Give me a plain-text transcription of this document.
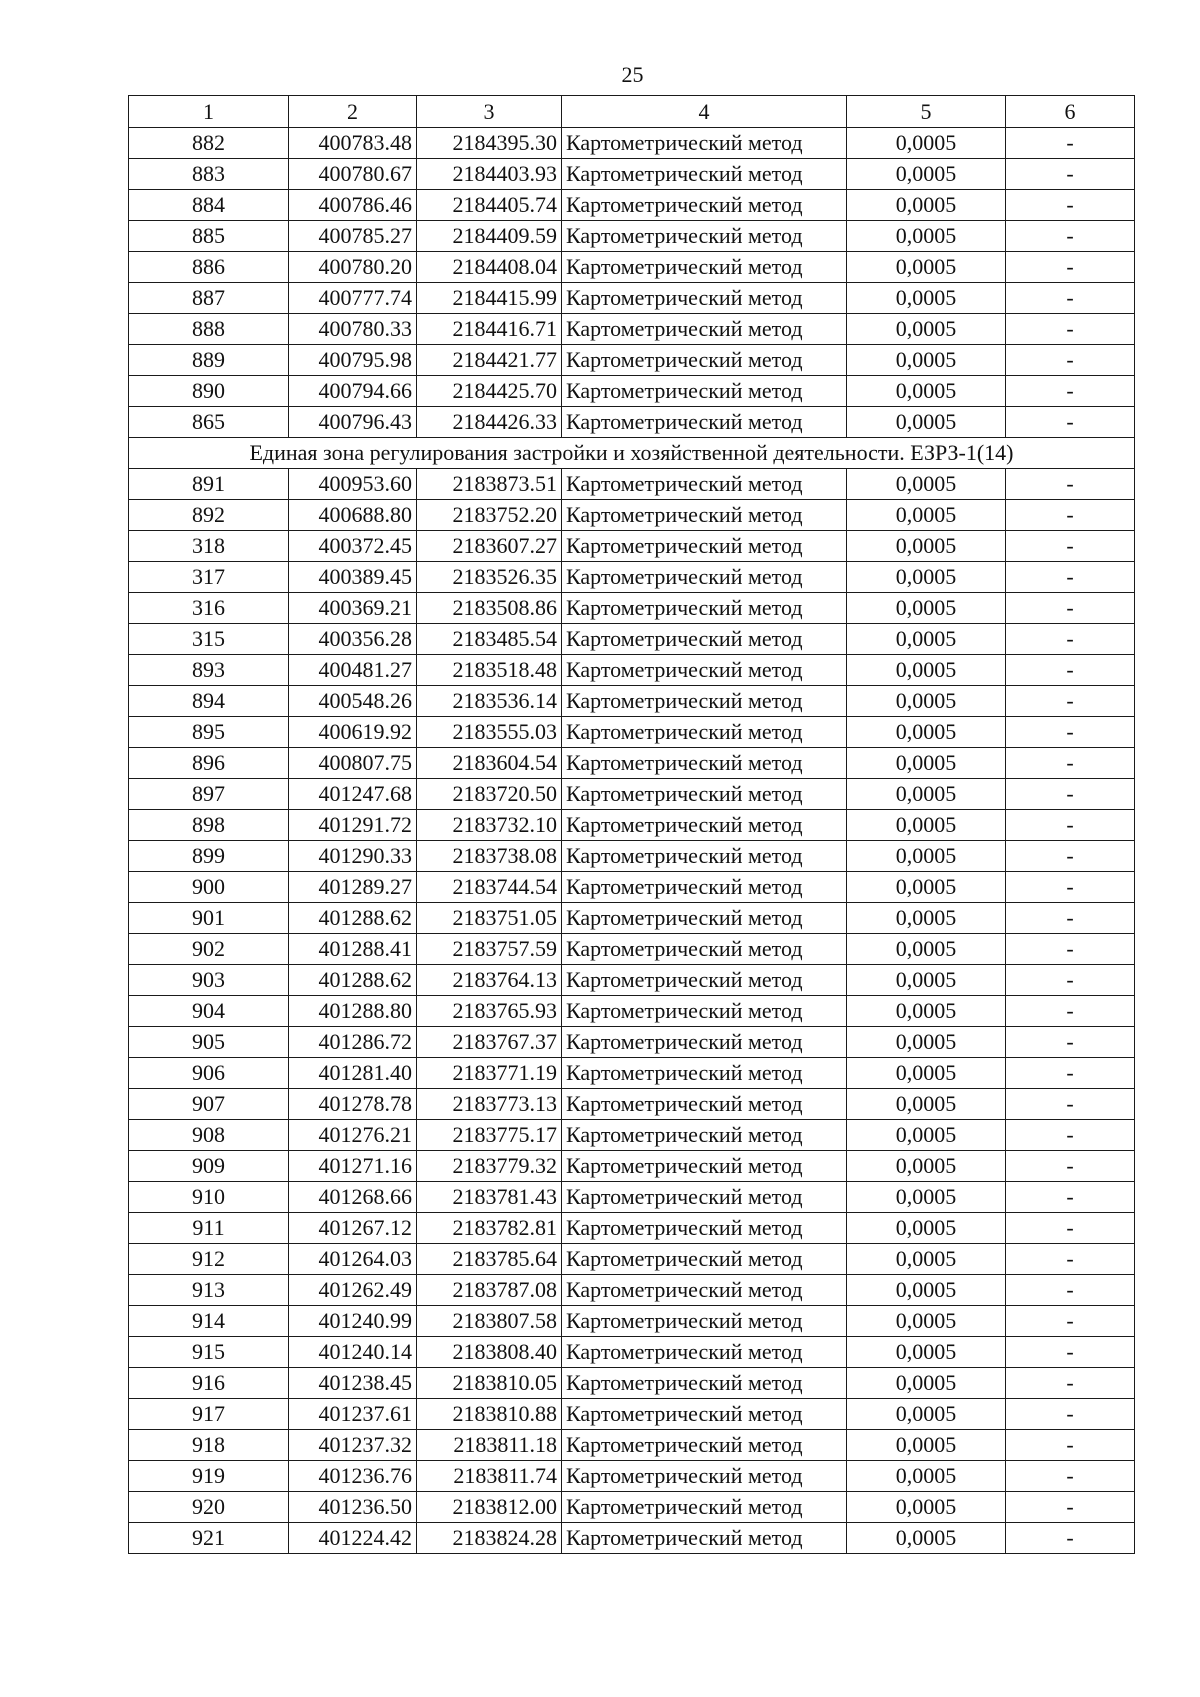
25
1	2	3	4	5	6
882	400783.48	2184395.30	Картометрический метод	0,0005	-
883	400780.67	2184403.93	Картометрический метод	0,0005	-
884	400786.46	2184405.74	Картометрический метод	0,0005	-
885	400785.27	2184409.59	Картометрический метод	0,0005	-
886	400780.20	2184408.04	Картометрический метод	0,0005	-
887	400777.74	2184415.99	Картометрический метод	0,0005	-
888	400780.33	2184416.71	Картометрический метод	0,0005	-
889	400795.98	2184421.77	Картометрический метод	0,0005	-
890	400794.66	2184425.70	Картометрический метод	0,0005	-
865	400796.43	2184426.33	Картометрический метод	0,0005	-
Единая зона регулирования застройки и хозяйственной деятельности. ЕЗРЗ-1(14)					
891	400953.60	2183873.51	Картометрический метод	0,0005	-
892	400688.80	2183752.20	Картометрический метод	0,0005	-
318	400372.45	2183607.27	Картометрический метод	0,0005	-
317	400389.45	2183526.35	Картометрический метод	0,0005	-
316	400369.21	2183508.86	Картометрический метод	0,0005	-
315	400356.28	2183485.54	Картометрический метод	0,0005	-
893	400481.27	2183518.48	Картометрический метод	0,0005	-
894	400548.26	2183536.14	Картометрический метод	0,0005	-
895	400619.92	2183555.03	Картометрический метод	0,0005	-
896	400807.75	2183604.54	Картометрический метод	0,0005	-
897	401247.68	2183720.50	Картометрический метод	0,0005	-
898	401291.72	2183732.10	Картометрический метод	0,0005	-
899	401290.33	2183738.08	Картометрический метод	0,0005	-
900	401289.27	2183744.54	Картометрический метод	0,0005	-
901	401288.62	2183751.05	Картометрический метод	0,0005	-
902	401288.41	2183757.59	Картометрический метод	0,0005	-
903	401288.62	2183764.13	Картометрический метод	0,0005	-
904	401288.80	2183765.93	Картометрический метод	0,0005	-
905	401286.72	2183767.37	Картометрический метод	0,0005	-
906	401281.40	2183771.19	Картометрический метод	0,0005	-
907	401278.78	2183773.13	Картометрический метод	0,0005	-
908	401276.21	2183775.17	Картометрический метод	0,0005	-
909	401271.16	2183779.32	Картометрический метод	0,0005	-
910	401268.66	2183781.43	Картометрический метод	0,0005	-
911	401267.12	2183782.81	Картометрический метод	0,0005	-
912	401264.03	2183785.64	Картометрический метод	0,0005	-
913	401262.49	2183787.08	Картометрический метод	0,0005	-
914	401240.99	2183807.58	Картометрический метод	0,0005	-
915	401240.14	2183808.40	Картометрический метод	0,0005	-
916	401238.45	2183810.05	Картометрический метод	0,0005	-
917	401237.61	2183810.88	Картометрический метод	0,0005	-
918	401237.32	2183811.18	Картометрический метод	0,0005	-
919	401236.76	2183811.74	Картометрический метод	0,0005	-
920	401236.50	2183812.00	Картометрический метод	0,0005	-
921	401224.42	2183824.28	Картометрический метод	0,0005	-
